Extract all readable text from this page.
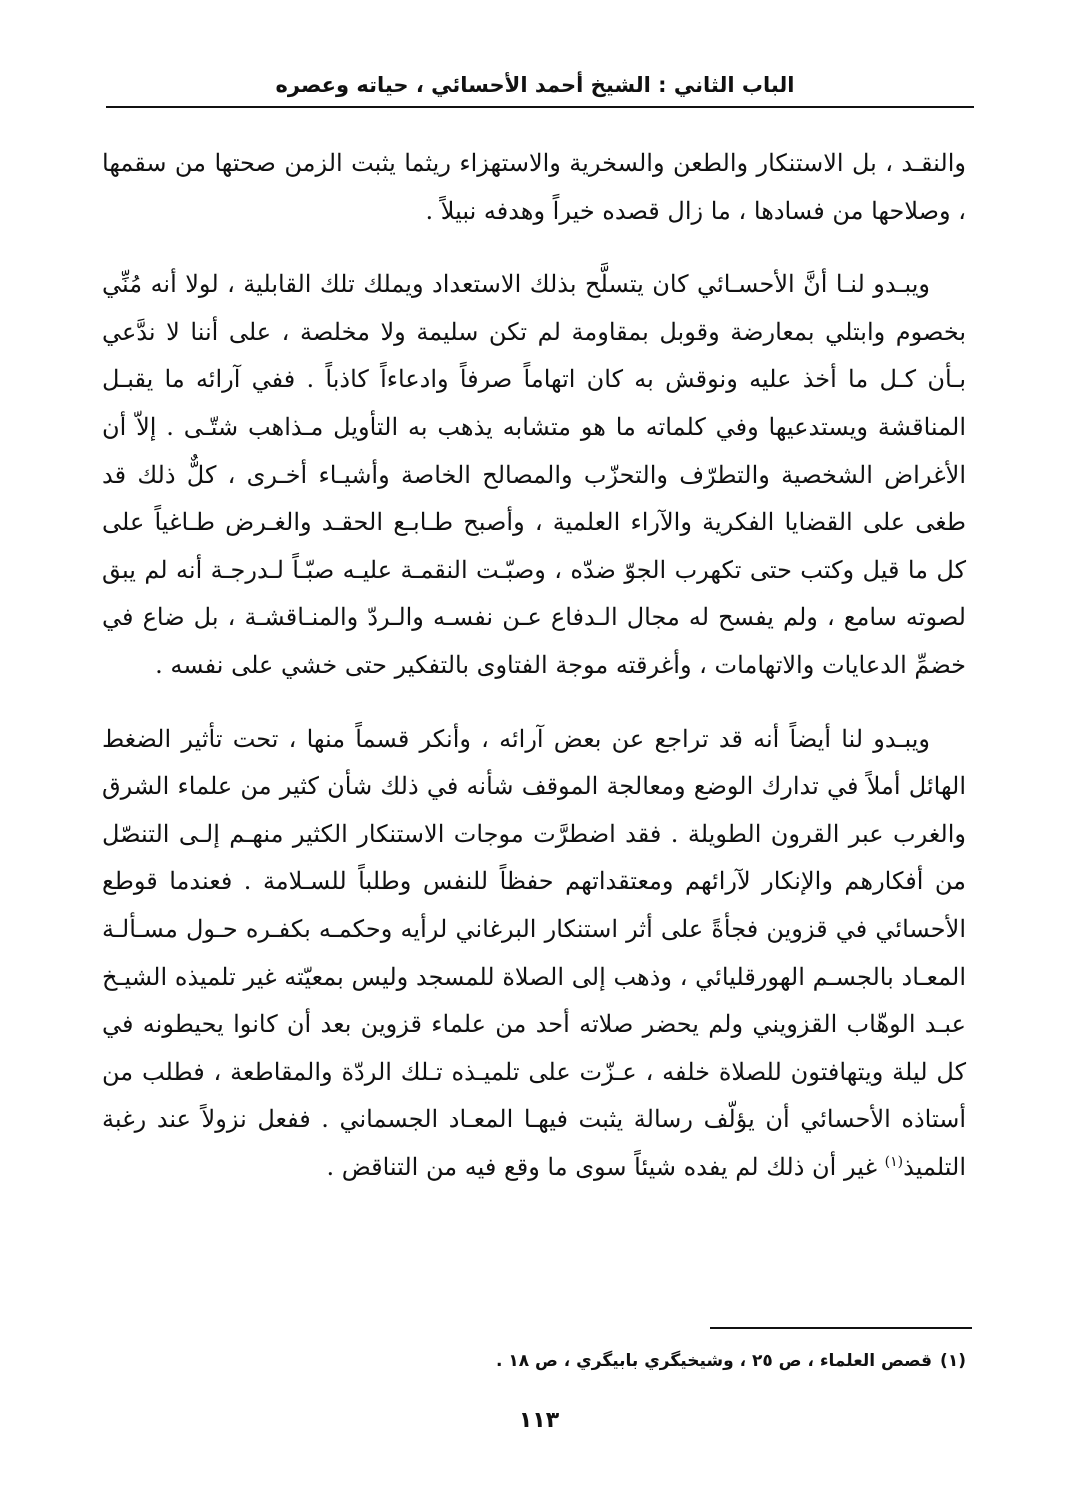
الباب الثاني : الشيخ أحمد الأحسائي ، حياته وعصره

والنقـد ، بل الاستنكار والطعن والسخرية والاستهزاء ريثما يثبت الزمن صحتها من سقمها ، وصلاحها من فسادها ، ما زال قصده خيراً وهدفه نبيلاً .

ويبـدو لنـا أنَّ الأحسـائي كان يتسلَّح بذلك الاستعداد ويملك تلك القابلية ، لولا أنه مُنِّي بخصوم وابتلي بمعارضة وقوبل بمقاومة لم تكن سليمة ولا مخلصة ، على أننا لا ندَّعي بـأن كـل ما أخذ عليه ونوقش به كان اتهاماً صرفاً وادعاءاً كاذباً . ففي آرائه ما يقبـل المناقشة ويستدعيها وفي كلماته ما هو متشابه يذهب به التأويل مـذاهب شتّـى . إلاّ أن الأغراض الشخصية والتطرّف والتحزّب والمصالح الخاصة وأشيـاء أخـرى ، كلٌّ ذلك قد طغى على القضايا الفكرية والآراء العلمية ، وأصبح طـابـع الحقـد والغـرض طـاغياً على كل ما قيل وكتب حتى تكهرب الجوّ ضدّه ، وصبّـت النقمـة عليـه صبّـاً لـدرجـة أنه لم يبق لصوته سامع ، ولم يفسح له مجال الـدفاع عـن نفسـه والـردّ والمنـاقشـة ، بل ضاع في خضمِّ الدعايات والاتهامات ، وأغرقته موجة الفتاوى بالتفكير حتى خشي على نفسه .

ويبـدو لنا أيضاً أنه قد تراجع عن بعض آرائه ، وأنكر قسماً منها ، تحت تأثير الضغط الهائل أملاً في تدارك الوضع ومعالجة الموقف شأنه في ذلك شأن كثير من علماء الشرق والغرب عبر القرون الطويلة . فقد اضطرَّت موجات الاستنكار الكثير منهـم إلـى التنصّل من أفكارهم والإنكار لآرائهم ومعتقداتهم حفظاً للنفس وطلباً للسـلامة . فعندما قوطع الأحسائي في قزوين فجأةً على أثر استنكار البرغاني لرأيه وحكمـه بكفـره حـول مسـألـة المعـاد بالجسـم الهورقليائي ، وذهب إلى الصلاة للمسجد وليس بمعيّته غير تلميذه الشيـخ عبـد الوهّاب القزويني ولم يحضر صلاته أحد من علماء قزوين بعد أن كانوا يحيطونه في كل ليلة ويتهافتون للصلاة خلفه ، عـزّت على تلميـذه تـلك الردّة والمقاطعة ، فطلب من أستاذه الأحسائي أن يؤلّف رسالة يثبت فيهـا المعـاد الجسماني . ففعل نزولاً عند رغبة التلميذ$^{(١)}$ غير أن ذلك لم يفده شيئاً سوى ما وقع فيه من التناقض .

(١)قصص العلماء ، ص ٢٥ ، وشيخيگري بابيگري ، ص ١٨ .
١١٣
